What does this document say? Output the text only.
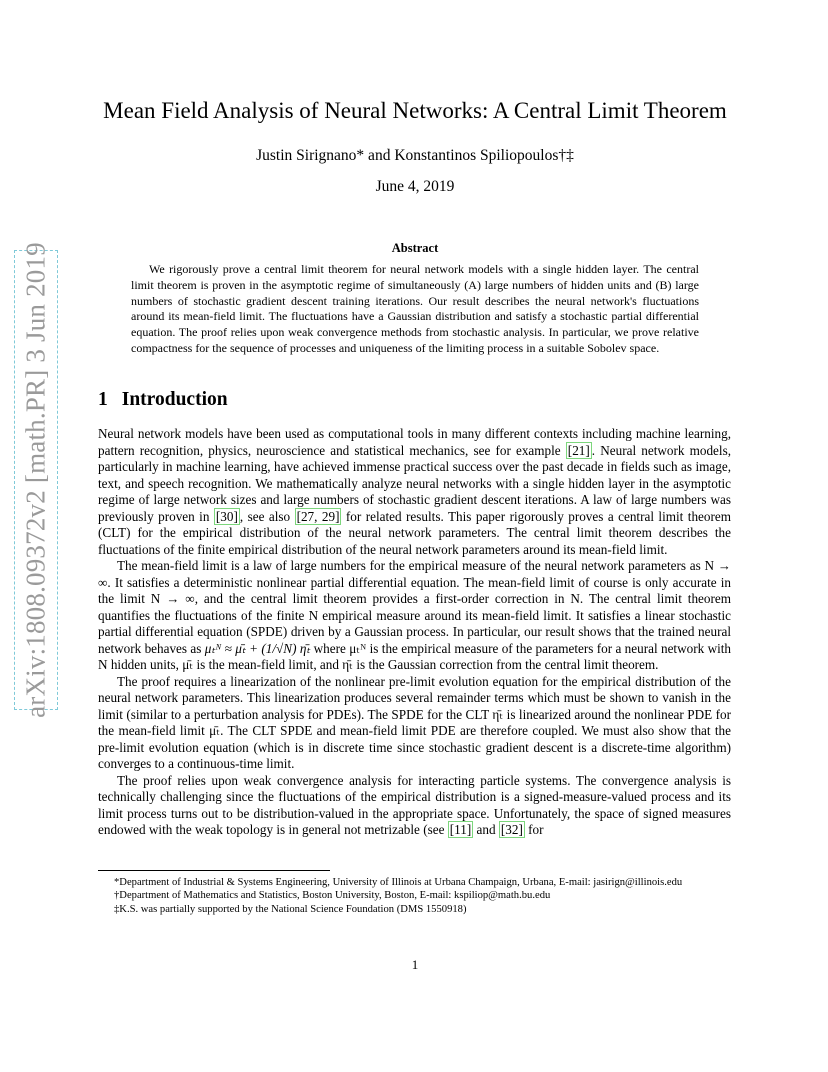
arXiv:1808.09372v2 [math.PR] 3 Jun 2019
Mean Field Analysis of Neural Networks: A Central Limit Theorem
Justin Sirignano* and Konstantinos Spiliopoulos†‡
June 4, 2019
Abstract

We rigorously prove a central limit theorem for neural network models with a single hidden layer. The central limit theorem is proven in the asymptotic regime of simultaneously (A) large numbers of hidden units and (B) large numbers of stochastic gradient descent training iterations. Our result describes the neural network's fluctuations around its mean-field limit. The fluctuations have a Gaussian distribution and satisfy a stochastic partial differential equation. The proof relies upon weak convergence methods from stochastic analysis. In particular, we prove relative compactness for the sequence of processes and uniqueness of the limiting process in a suitable Sobolev space.

1 Introduction

Neural network models have been used as computational tools in many different contexts including machine learning, pattern recognition, physics, neuroscience and statistical mechanics, see for example [21] . Neural network models, particularly in machine learning, have achieved immense practical success over the past decade in fields such as image, text, and speech recognition. We mathematically analyze neural networks with a single hidden layer in the asymptotic regime of large network sizes and large numbers of stochastic gradient descent iterations. A law of large numbers was previously proven in [30] , see also [27, 29] for related results. This paper rigorously proves a central limit theorem (CLT) for the empirical distribution of the neural network parameters. The central limit theorem describes the fluctuations of the finite empirical distribution of the neural network parameters around its mean-field limit.

The mean-field limit is a law of large numbers for the empirical measure of the neural network parameters as N → ∞. It satisfies a deterministic nonlinear partial differential equation. The mean-field limit of course is only accurate in the limit N → ∞, and the central limit theorem provides a first-order correction in N. The central limit theorem quantifies the fluctuations of the finite N empirical measure around its mean-field limit. It satisfies a linear stochastic partial differential equation (SPDE) driven by a Gaussian process. In particular, our result shows that the trained neural network behaves as μₜᴺ ≈ μ̄ₜ + (1/√N) η̄ₜ where μₜᴺ is the empirical measure of the parameters for a neural network with N hidden units, μ̄ₜ is the mean-field limit, and η̄ₜ is the Gaussian correction from the central limit theorem.

The proof requires a linearization of the nonlinear pre-limit evolution equation for the empirical distribution of the neural network parameters. This linearization produces several remainder terms which must be shown to vanish in the limit (similar to a perturbation analysis for PDEs). The SPDE for the CLT η̄ₜ is linearized around the nonlinear PDE for the mean-field limit μ̄ₜ. The CLT SPDE and mean-field limit PDE are therefore coupled. We must also show that the pre-limit evolution equation (which is in discrete time since stochastic gradient descent is a discrete-time algorithm) converges to a continuous-time limit.

The proof relies upon weak convergence analysis for interacting particle systems. The convergence analysis is technically challenging since the fluctuations of the empirical distribution is a signed-measure-valued process and its limit process turns out to be distribution-valued in the appropriate space. Unfortunately, the space of signed measures endowed with the weak topology is in general not metrizable (see [11] and [32] for

*Department of Industrial & Systems Engineering, University of Illinois at Urbana Champaign, Urbana, E-mail: jasirign@illinois.edu

†Department of Mathematics and Statistics, Boston University, Boston, E-mail: kspiliop@math.bu.edu

‡K.S. was partially supported by the National Science Foundation (DMS 1550918)

1
